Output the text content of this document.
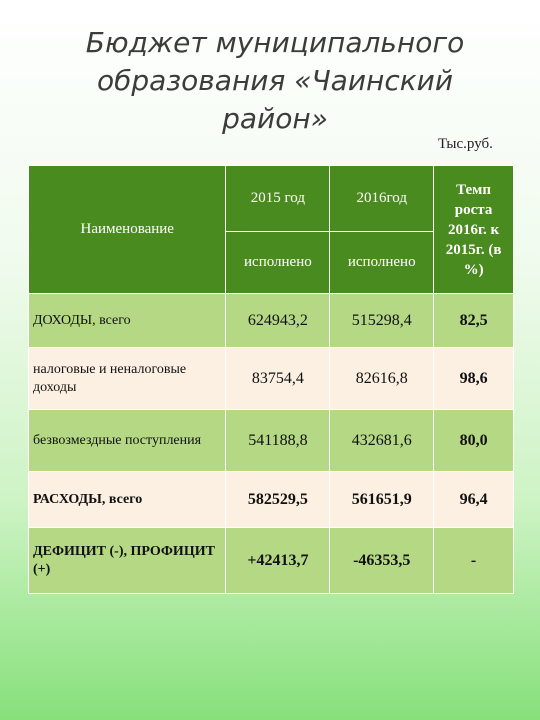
Бюджет муниципального образования «Чаинский район»
Тыс.руб.
Наименование	2015 год	2016год	Темп роста 2016г. к 2015г. (в %)
	исполнено	исполнено	
ДОХОДЫ, всего	624943,2	515298,4	82,5
налоговые и неналоговые доходы	83754,4	82616,8	98,6
безвозмездные поступления	541188,8	432681,6	80,0
РАСХОДЫ, всего	582529,5	561651,9	96,4
ДЕФИЦИТ (-), ПРОФИЦИТ (+)	+42413,7	-46353,5	-
